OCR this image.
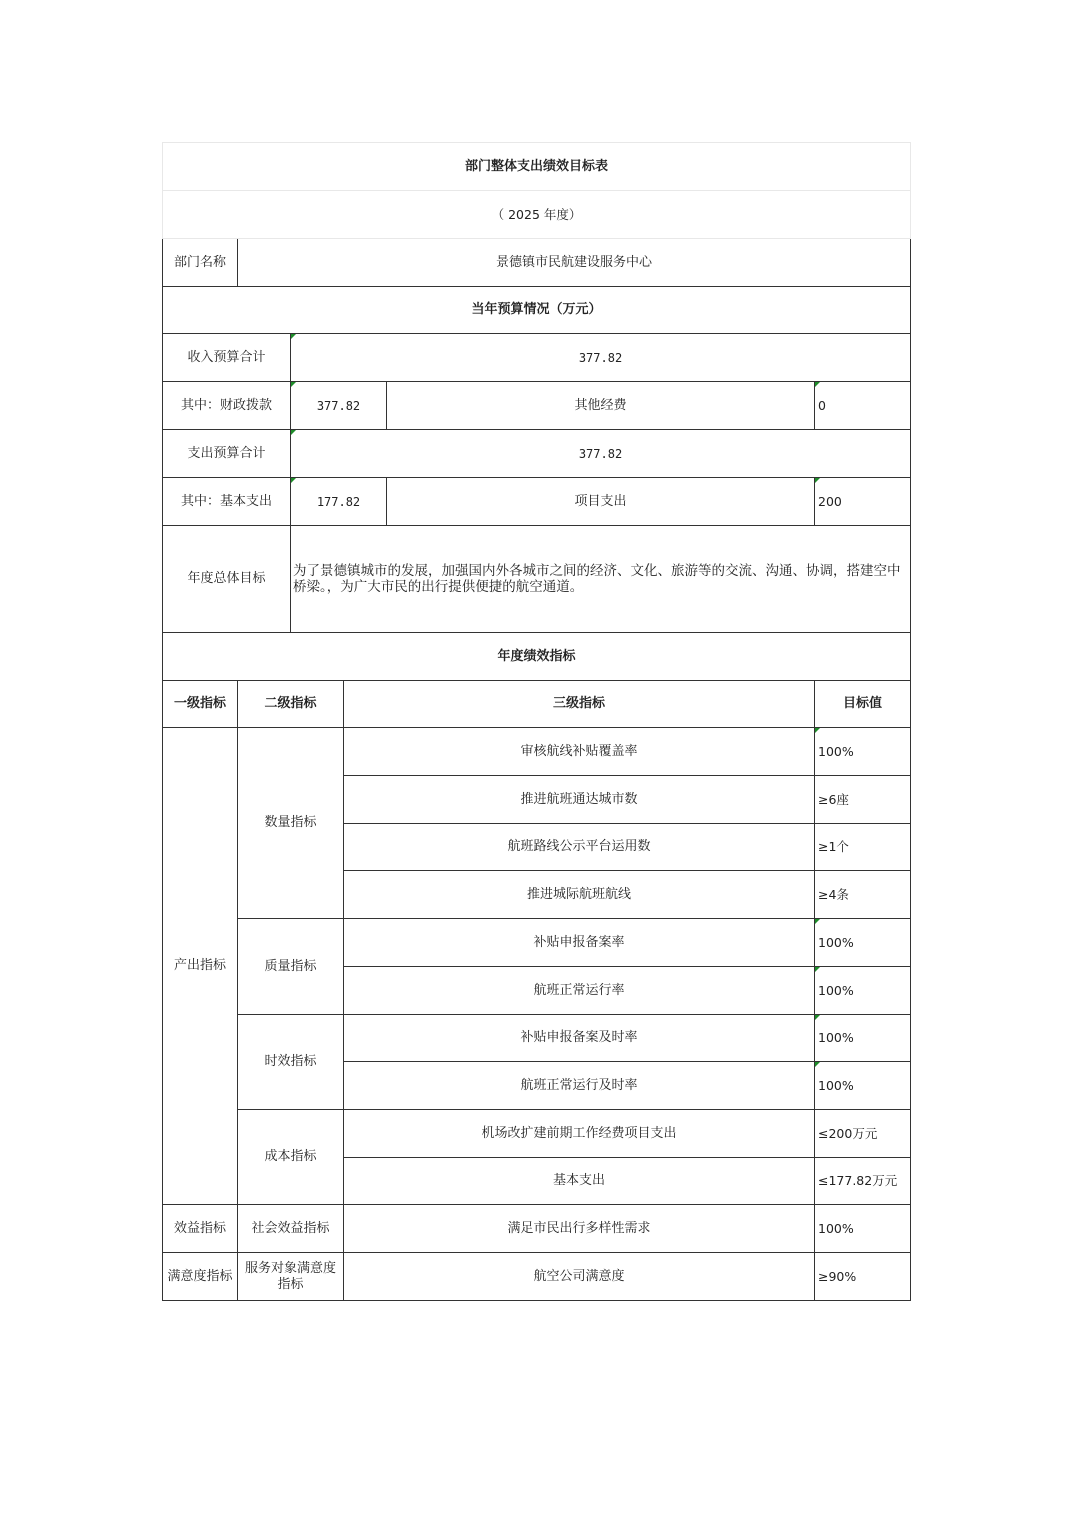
部门整体支出绩效目标表					
（ 2025 年度）					
部门名称	景德镇市民航建设服务中心				
当年预算情况（万元）					
收入预算合计		377.82			
其中：财政拨款		377.82		其他经费	0
支出预算合计		377.82			
其中：基本支出		177.82		项目支出	200
年度总体目标		为了景德镇城市的发展，加强国内外各城市之间的经济、文化、旅游等的交流、沟通、协调，搭建空中桥梁。，为广大市民的出行提供便捷的航空通道。			
年度绩效指标					
一级指标	二级指标		三级指标		目标值
产出指标	数量指标		审核航线补贴覆盖率		100%
			推进航班通达城市数		≥6座
			航班路线公示平台运用数		≥1个
			推进城际航班航线		≥4条
	质量指标		补贴申报备案率		100%
			航班正常运行率		100%
	时效指标		补贴申报备案及时率		100%
			航班正常运行及时率		100%
	成本指标		机场改扩建前期工作经费项目支出		≤200万元
			基本支出		≤177.82万元
效益指标	社会效益指标		满足市民出行多样性需求		100%
满意度指标	服务对象满意度指标		航空公司满意度		≥90%
